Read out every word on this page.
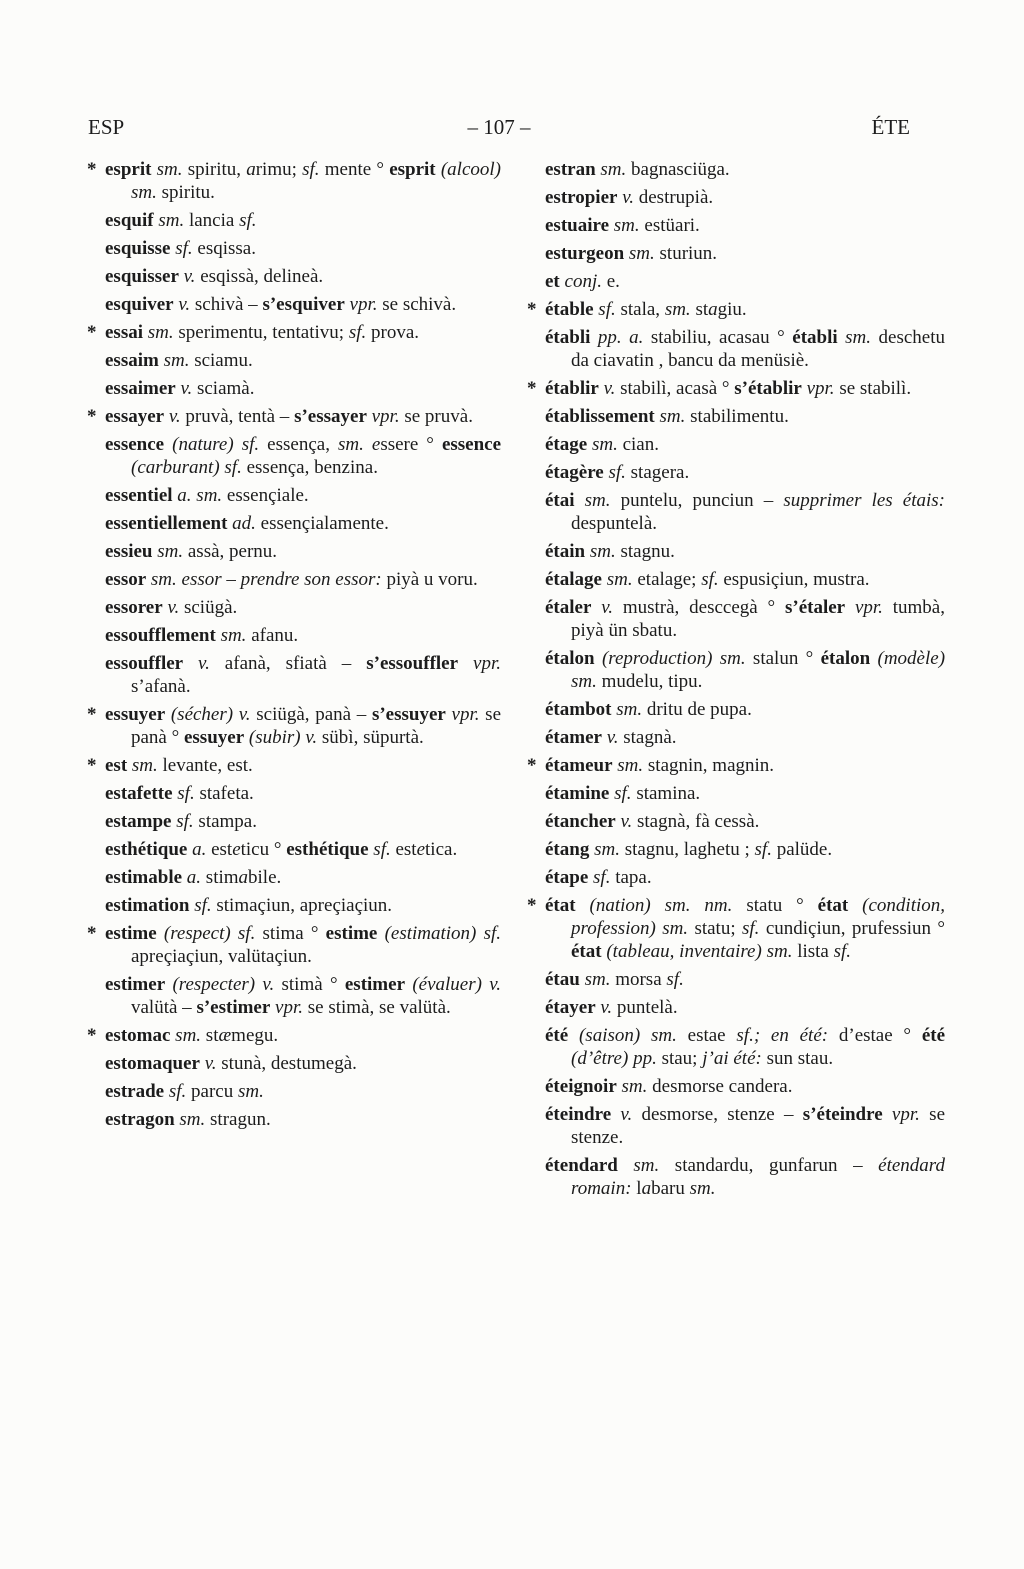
ESP	– 107 –	ÉTE
* esprit sm. spiritu, arimu; sf. mente ° esprit (alcool) sm. spiritu.
esquif sm. lancia sf.
esquisse sf. esqissa.
esquisser v. esqissà, delineà.
esquiver v. schivà – s’esquiver vpr. se schivà.
* essai sm. sperimentu, tentativu; sf. prova.
essaim sm. sciamu.
essaimer v. sciamà.
* essayer v. pruvà, tentà – s’essayer vpr. se pruvà.
essence (nature) sf. essença, sm. essere ° essence (carburant) sf. essença, benzina.
essentiel a. sm. essençiale.
essentiellement ad. essençialamente.
essieu sm. assà, pernu.
essor sm. essor – prendre son essor: piyà u voru.
essorer v. sciügà.
essoufflement sm. afanu.
essouffler v. afanà, sfiatà – s’essouffler vpr. s’afanà.
* essuyer (sécher) v. sciügà, panà – s’essuyer vpr. se panà ° essuyer (subir) v. sübì, süpurtà.
* est sm. levante, est.
estafette sf. stafeta.
estampe sf. stampa.
esthétique a. esteticu ° esthétique sf. estetica.
estimable a. stimabile.
estimation sf. stimaçiun, apreçiaçiun.
* estime (respect) sf. stima ° estime (estimation) sf. apreçiaçiun, valütaçiun.
estimer (respecter) v. stimà ° estimer (évaluer) v. valütà – s’estimer vpr. se stimà, se valütà.
* estomac sm. stæmegu.
estomaquer v. stunà, destumegà.
estrade sf. parcu sm.
estragon sm. stragun.
estran sm. bagnasciüga.
estropier v. destrupià.
estuaire sm. estüari.
esturgeon sm. sturiun.
et conj. e.
* étable sf. stala, sm. stagiu.
établi pp. a. stabiliu, acasau ° établi sm. deschetu da ciavatin , bancu da menüsiè.
* établir v. stabilì, acasà ° s’établir vpr. se stabilì.
établissement sm. stabilimentu.
étage sm. cian.
étagère sf. stagera.
étai sm. puntelu, punciun – supprimer les étais: despuntelà.
étain sm. stagnu.
étalage sm. etalage; sf. espusiçiun, mustra.
étaler v. mustrà, desccegà ° s’étaler vpr. tumbà, piyà ün sbatu.
étalon (reproduction) sm. stalun ° étalon (modèle) sm. mudelu, tipu.
étambot sm. dritu de pupa.
étamer v. stagnà.
* étameur sm. stagnin, magnin.
étamine sf. stamina.
étancher v. stagnà, fà cessà.
étang sm. stagnu, laghetu ; sf. palüde.
étape sf. tapa.
* état (nation) sm. nm. statu ° état (condition, profession) sm. statu; sf. cundiçiun, prufessiun ° état (tableau, inventaire) sm. lista sf.
étau sm. morsa sf.
étayer v. puntelà.
été (saison) sm. estae sf.; en été: d’estae ° été (d’être) pp. stau; j’ai été: sun stau.
éteignoir sm. desmorse candera.
éteindre v. desmorse, stenze – s’éteindre vpr. se stenze.
étendard sm. standardu, gunfarun – étendard romain: labaru sm.
